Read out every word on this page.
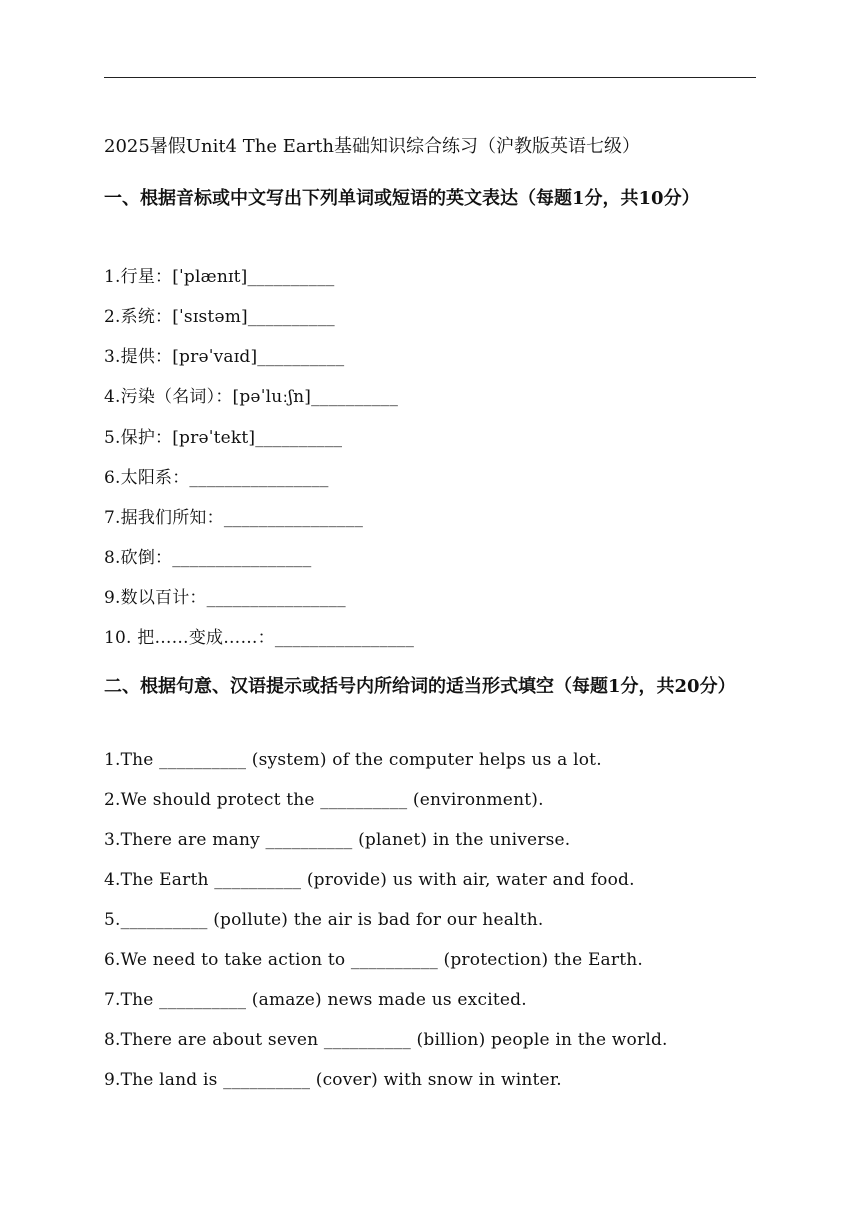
2025暑假Unit4 The Earth基础知识综合练习（沪教版英语七级）
一、根据音标或中文写出下列单词或短语的英文表达（每题1分，共10分）
1.行星：[ˈplænɪt]__________
2.系统：[ˈsɪstəm]__________
3.提供：[prəˈvaɪd]__________
4.污染（名词）：[pəˈluːʃn]__________
5.保护：[prəˈtekt]__________
6.太阳系：________________
7.据我们所知：________________
8.砍倒：________________
9.数以百计：________________
10. 把……变成……：________________
二、根据句意、汉语提示或括号内所给词的适当形式填空（每题1分，共20分）
1.The __________ (system) of the computer helps us a lot.
2.We should protect the __________ (environment).
3.There are many __________ (planet) in the universe.
4.The Earth __________ (provide) us with air, water and food.
5.__________ (pollute) the air is bad for our health.
6.We need to take action to __________ (protection) the Earth.
7.The __________ (amaze) news made us excited.
8.There are about seven __________ (billion) people in the world.
9.The land is __________ (cover) with snow in winter.
